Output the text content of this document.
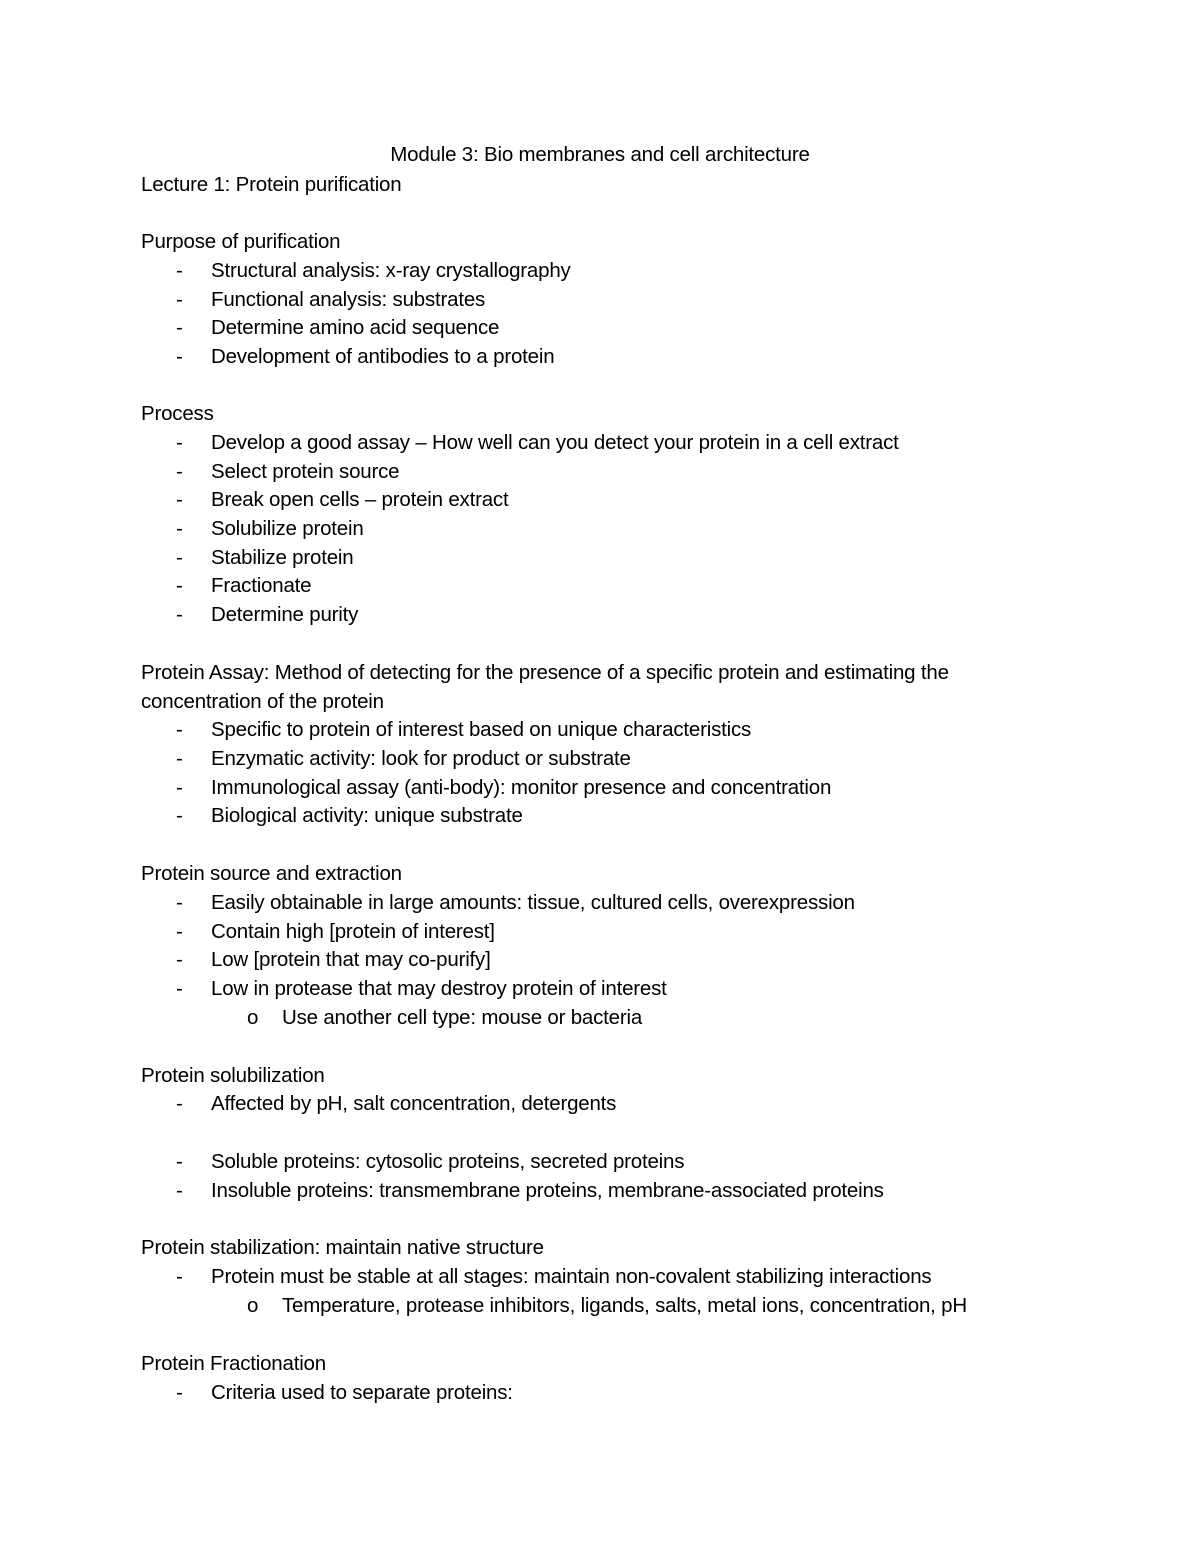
Module 3: Bio membranes and cell architecture
Lecture 1: Protein purification
Purpose of purification
- Structural analysis: x-ray crystallography
- Functional analysis: substrates
- Determine amino acid sequence
- Development of antibodies to a protein
Process
- Develop a good assay – How well can you detect your protein in a cell extract
- Select protein source
- Break open cells – protein extract
- Solubilize protein
- Stabilize protein
- Fractionate
- Determine purity
Protein Assay: Method of detecting for the presence of a specific protein and estimating the
concentration of the protein
- Specific to protein of interest based on unique characteristics
- Enzymatic activity: look for product or substrate
- Immunological assay (anti-body): monitor presence and concentration
- Biological activity: unique substrate
Protein source and extraction
- Easily obtainable in large amounts: tissue, cultured cells, overexpression
- Contain high [protein of interest]
- Low [protein that may co-purify]
- Low in protease that may destroy protein of interest
o Use another cell type: mouse or bacteria
Protein solubilization
- Affected by pH, salt concentration, detergents
- Soluble proteins: cytosolic proteins, secreted proteins
- Insoluble proteins: transmembrane proteins, membrane-associated proteins
Protein stabilization: maintain native structure
- Protein must be stable at all stages: maintain non-covalent stabilizing interactions
o Temperature, protease inhibitors, ligands, salts, metal ions, concentration, pH
Protein Fractionation
- Criteria used to separate proteins:
